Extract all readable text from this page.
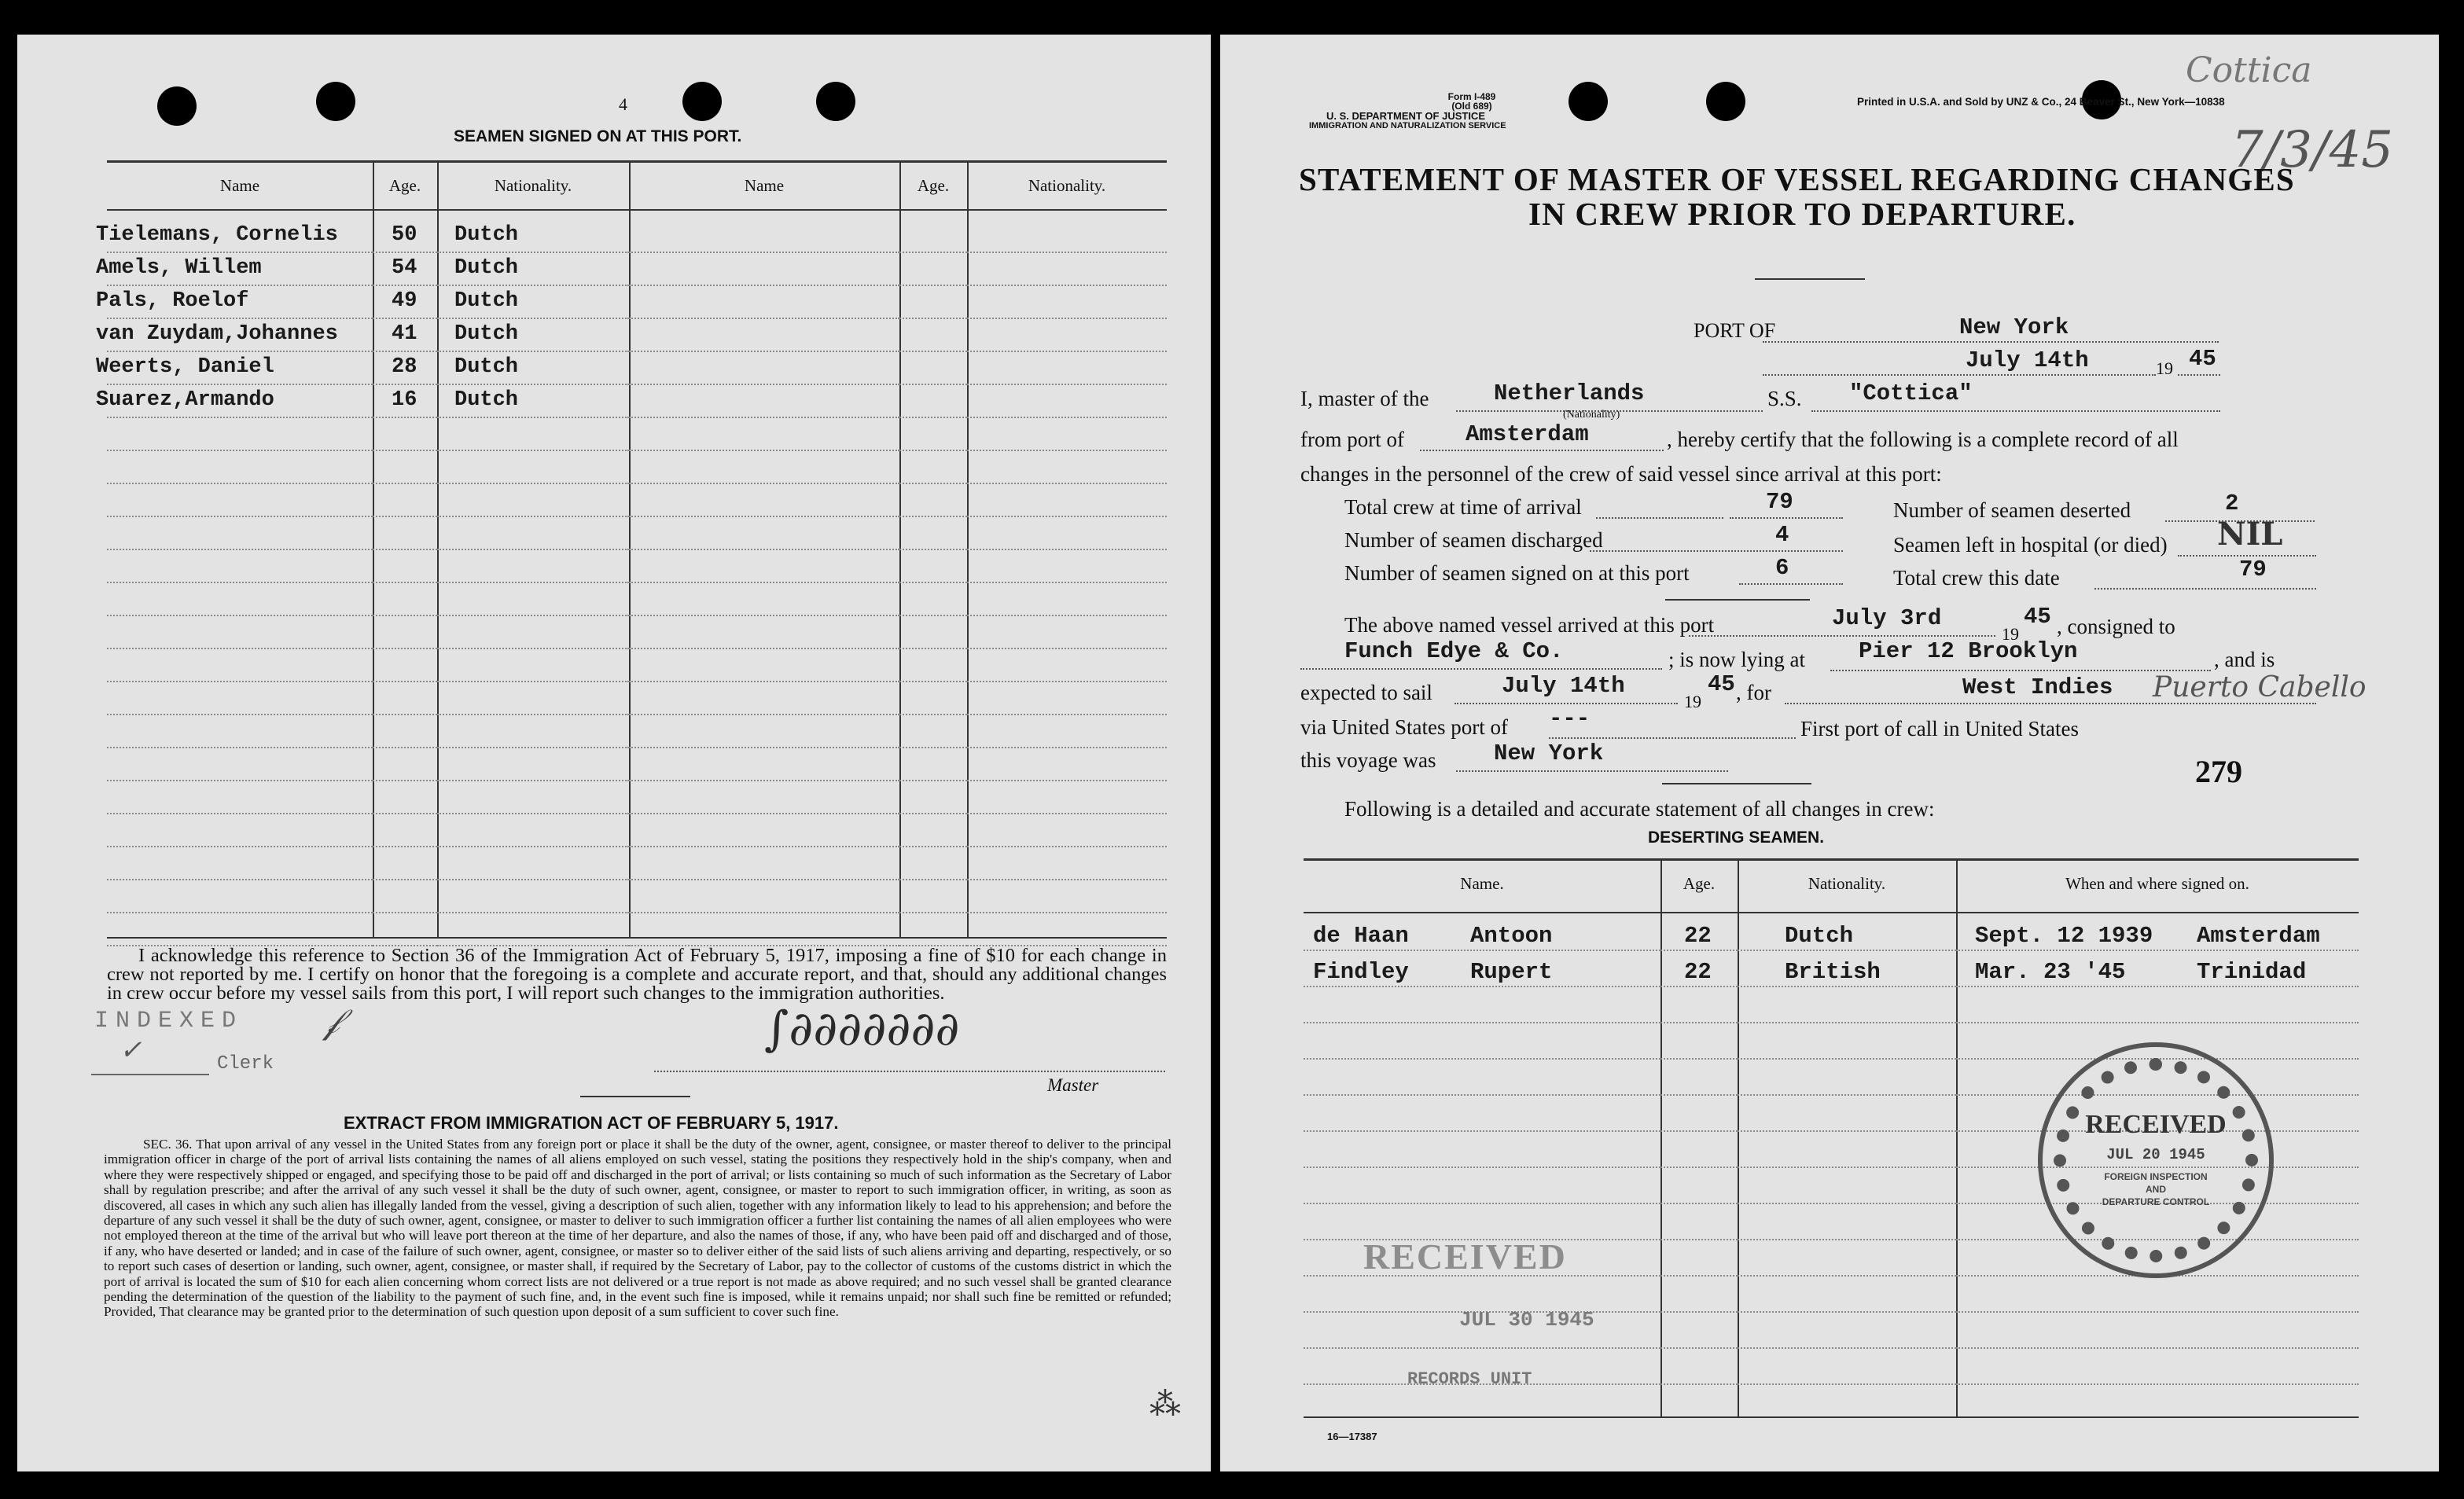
4
SEAMEN SIGNED ON AT THIS PORT.
Name	Age.	Nationality.	Name	Age.	Nationality.
Tielemans, Cornelis	50 Dutch
Amels, Willem	54 Dutch
Pals, Roelof	49 Dutch
van Zuydam,Johannes	41 Dutch
Weerts, Daniel	28 Dutch
Suarez,Armando	16 Dutch
I acknowledge this reference to Section 36 of the Immigration Act of February 5, 1917, imposing a fine of $10 for each change in crew not reported by me. I certify on honor that the foregoing is a complete and accurate report, and that, should any additional changes in crew occur before my vessel sails from this port, I will report such changes to the immigration authorities.
INDEXED
Clerk
✓
𝒻	∫∂∂∂∂∂∂∂
Master
EXTRACT FROM IMMIGRATION ACT OF FEBRUARY 5, 1917.
SEC. 36. That upon arrival of any vessel in the United States from any foreign port or place it shall be the duty of the owner, agent, consignee, or master thereof to deliver to the principal immigration officer in charge of the port of arrival lists containing the names of all aliens employed on such vessel, stating the positions they respectively hold in the ship's company, when and where they were respectively shipped or engaged, and specifying those to be paid off and discharged in the port of arrival; or lists containing so much of such information as the Secretary of Labor shall by regulation prescribe; and after the arrival of any such vessel it shall be the duty of such owner, agent, consignee, or master to report to such immigration officer, in writing, as soon as discovered, all cases in which any such alien has illegally landed from the vessel, giving a description of such alien, together with any information likely to lead to his apprehension; and before the departure of any such vessel it shall be the duty of such owner, agent, consignee, or master to deliver to such immigration officer a further list containing the names of all alien employees who were not employed thereon at the time of the arrival but who will leave port thereon at the time of her departure, and also the names of those, if any, who have been paid off and discharged and of those, if any, who have deserted or landed; and in case of the failure of such owner, agent, consignee, or master so to deliver either of the said lists of such aliens arriving and departing, respectively, or so to report such cases of desertion or landing, such owner, agent, consignee, or master shall, if required by the Secretary of Labor, pay to the collector of customs of the customs district in which the port of arrival is located the sum of $10 for each alien concerning whom correct lists are not delivered or a true report is not made as above required; and no such vessel shall be granted clearance pending the determination of the question of the liability to the payment of such fine, and, in the event such fine is imposed, while it remains unpaid; nor shall such fine be remitted or refunded; Provided, That clearance may be granted prior to the determination of such question upon deposit of a sum sufficient to cover such fine.
⁂
Form I-489
(Old 689)
U. S. DEPARTMENT OF JUSTICE
IMMIGRATION AND NATURALIZATION SERVICE
Printed in U.S.A. and Sold by UNZ & Co., 24 Beaver St., New York—10838
Cottica
7/3/45
STATEMENT OF MASTER OF VESSEL REGARDING CHANGES
IN CREW PRIOR TO DEPARTURE.
PORT OF	New York
July 14th	19 45
I, master of the	Netherlands
(Nationality)
S.S. "Cottica"
from port of	Amsterdam	, hereby certify that the following is a complete record of all
changes in the personnel of the crew of said vessel since arrival at this port:
Total crew at time of arrival	79
Number of seamen discharged	4
Number of seamen signed on at this port	6
Number of seamen deserted	2
Seamen left in hospital (or died) NIL
Total crew this date	79
The above named vessel arrived at this port	July 3rd
19
45 , consigned to
Funch Edye & Co.	; is now lying at Pier 12 Brooklyn	, and is
expected to sail	July 14th
19
45 , for	West Indies Puerto Cabello
via United States port of ---	First port of call in United States
this voyage was	New York
279
Following is a detailed and accurate statement of all changes in crew:
DESERTING SEAMEN.
Name.	Age.	Nationality.	When and where signed on.
de Haan	Antoon	22	Dutch	Sept. 12 1939 Amsterdam
Findley	Rupert	22	British	Mar. 23 '45	Trinidad
RECEIVED
JUL 30 1945
RECORDS UNIT
RECEIVED
JUL 20 1945
FOREIGN INSPECTION
AND
DEPARTURE CONTROL
16—17387
